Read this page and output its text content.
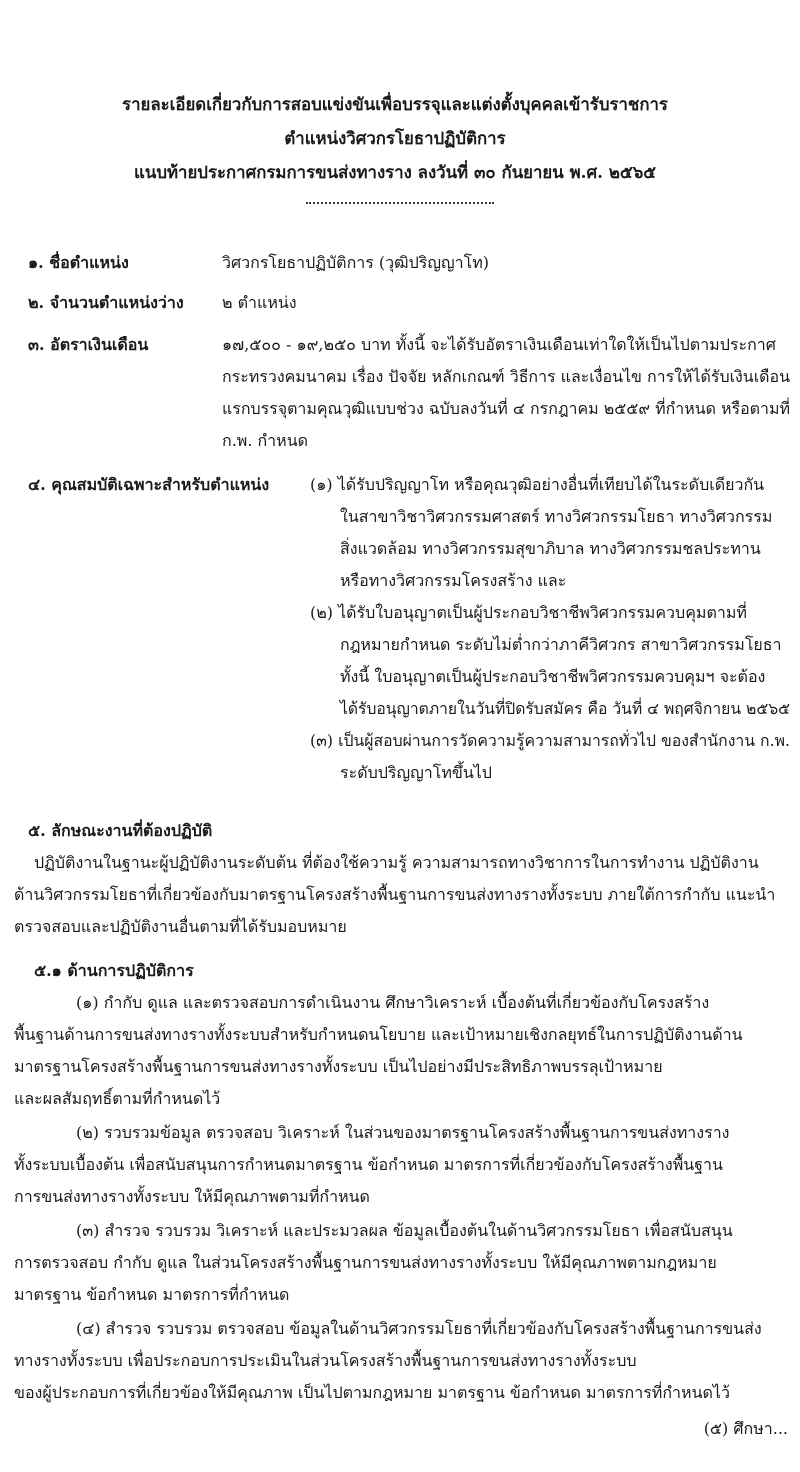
รายละเอียดเกี่ยวกับการสอบแข่งขันเพื่อบรรจุและแต่งตั้งบุคคลเข้ารับราชการ
ตำแหน่งวิศวกรโยธาปฏิบัติการ
แนบท้ายประกาศกรมการขนส่งทางราง ลงวันที่ ๓๐ กันยายน พ.ศ. ๒๕๖๕
๑. ชื่อตำแหน่ง	วิศวกรโยธาปฏิบัติการ (วุฒิปริญญาโท)
๒. จำนวนตำแหน่งว่าง ๒ ตำแหน่ง
๓. อัตราเงินเดือน	๑๗,๕๐๐ - ๑๙,๒๕๐ บาท ทั้งนี้ จะได้รับอัตราเงินเดือนเท่าใดให้เป็นไปตามประกาศ
กระทรวงคมนาคม เรื่อง ปัจจัย หลักเกณฑ์ วิธีการ และเงื่อนไข การให้ได้รับเงินเดือน
แรกบรรจุตามคุณวุฒิแบบช่วง ฉบับลงวันที่ ๔ กรกฎาคม ๒๕๕๙ ที่กำหนด หรือตามที่
ก.พ. กำหนด
๔. คุณสมบัติเฉพาะสำหรับตำแหน่ง	(๑) ได้รับปริญญาโท หรือคุณวุฒิอย่างอื่นที่เทียบได้ในระดับเดียวกัน
ในสาขาวิชาวิศวกรรมศาสตร์ ทางวิศวกรรมโยธา ทางวิศวกรรม
สิ่งแวดล้อม ทางวิศวกรรมสุขาภิบาล ทางวิศวกรรมชลประทาน
หรือทางวิศวกรรมโครงสร้าง และ
(๒) ได้รับใบอนุญาตเป็นผู้ประกอบวิชาชีพวิศวกรรมควบคุมตามที่
กฎหมายกำหนด ระดับไม่ต่ำกว่าภาคีวิศวกร สาขาวิศวกรรมโยธา
ทั้งนี้ ใบอนุญาตเป็นผู้ประกอบวิชาชีพวิศวกรรมควบคุมฯ จะต้อง
ได้รับอนุญาตภายในวันที่ปิดรับสมัคร คือ วันที่ ๔ พฤศจิกายน ๒๕๖๕
(๓) เป็นผู้สอบผ่านการวัดความรู้ความสามารถทั่วไป ของสำนักงาน ก.พ.
ระดับปริญญาโทขึ้นไป
๕. ลักษณะงานที่ต้องปฏิบัติ
ปฏิบัติงานในฐานะผู้ปฏิบัติงานระดับต้น ที่ต้องใช้ความรู้ ความสามารถทางวิชาการในการทำงาน ปฏิบัติงาน
ด้านวิศวกรรมโยธาที่เกี่ยวข้องกับมาตรฐานโครงสร้างพื้นฐานการขนส่งทางรางทั้งระบบ ภายใต้การกำกับ แนะนำ
ตรวจสอบและปฏิบัติงานอื่นตามที่ได้รับมอบหมาย
๕.๑ ด้านการปฏิบัติการ
(๑) กำกับ ดูแล และตรวจสอบการดำเนินงาน ศึกษาวิเคราะห์ เบื้องต้นที่เกี่ยวข้องกับโครงสร้าง
พื้นฐานด้านการขนส่งทางรางทั้งระบบสำหรับกำหนดนโยบาย และเป้าหมายเชิงกลยุทธ์ในการปฏิบัติงานด้าน
มาตรฐานโครงสร้างพื้นฐานการขนส่งทางรางทั้งระบบ เป็นไปอย่างมีประสิทธิภาพบรรลุเป้าหมาย
และผลสัมฤทธิ์ตามที่กำหนดไว้
(๒) รวบรวมข้อมูล ตรวจสอบ วิเคราะห์ ในส่วนของมาตรฐานโครงสร้างพื้นฐานการขนส่งทางราง
ทั้งระบบเบื้องต้น เพื่อสนับสนุนการกำหนดมาตรฐาน ข้อกำหนด มาตรการที่เกี่ยวข้องกับโครงสร้างพื้นฐาน
การขนส่งทางรางทั้งระบบ ให้มีคุณภาพตามที่กำหนด
(๓) สำรวจ รวบรวม วิเคราะห์ และประมวลผล ข้อมูลเบื้องต้นในด้านวิศวกรรมโยธา เพื่อสนับสนุน
การตรวจสอบ กำกับ ดูแล ในส่วนโครงสร้างพื้นฐานการขนส่งทางรางทั้งระบบ ให้มีคุณภาพตามกฎหมาย
มาตรฐาน ข้อกำหนด มาตรการที่กำหนด
(๔) สำรวจ รวบรวม ตรวจสอบ ข้อมูลในด้านวิศวกรรมโยธาที่เกี่ยวข้องกับโครงสร้างพื้นฐานการขนส่ง
ทางรางทั้งระบบ เพื่อประกอบการประเมินในส่วนโครงสร้างพื้นฐานการขนส่งทางรางทั้งระบบ
ของผู้ประกอบการที่เกี่ยวข้องให้มีคุณภาพ เป็นไปตามกฎหมาย มาตรฐาน ข้อกำหนด มาตรการที่กำหนดไว้
(๕) ศึกษา...
